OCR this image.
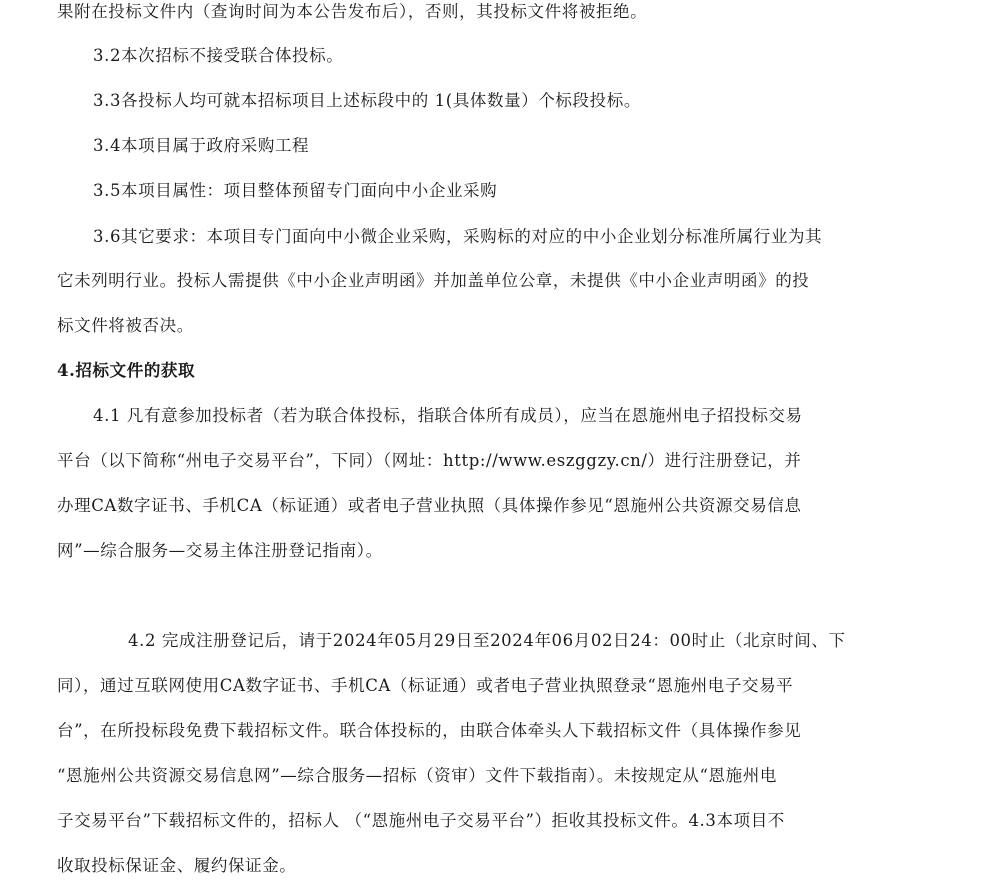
果附在投标文件内（查询时间为本公告发布后），否则，其投标文件将被拒绝。
3.2本次招标不接受联合体投标。
3.3各投标人均可就本招标项目上述标段中的 1(具体数量）个标段投标。
3.4本项目属于政府采购工程
3.5本项目属性：项目整体预留专门面向中小企业采购
3.6其它要求：本项目专门面向中小微企业采购，采购标的对应的中小企业划分标准所属行业为其
它未列明行业。投标人需提供《中小企业声明函》并加盖单位公章，未提供《中小企业声明函》的投
标文件将被否决。
4.招标文件的获取
4.1 凡有意参加投标者（若为联合体投标，指联合体所有成员），应当在恩施州电子招投标交易
平台（以下简称“州电子交易平台”，下同）（网址：http://www.eszggzy.cn/）进行注册登记，并
办理CA数字证书、手机CA（标证通）或者电子营业执照（具体操作参见“恩施州公共资源交易信息
网”—综合服务—交易主体注册登记指南）。
4.2 完成注册登记后，请于2024年05月29日至2024年06月02日24：00时止（北京时间、下
同），通过互联网使用CA数字证书、手机CA（标证通）或者电子营业执照登录“恩施州电子交易平
台”，在所投标段免费下载招标文件。联合体投标的，由联合体牵头人下载招标文件（具体操作参见
“恩施州公共资源交易信息网”—综合服务—招标（资审）文件下载指南）。未按规定从“恩施州电
子交易平台”下载招标文件的，招标人 （“恩施州电子交易平台”）拒收其投标文件。4.3本项目不
收取投标保证金、履约保证金。
